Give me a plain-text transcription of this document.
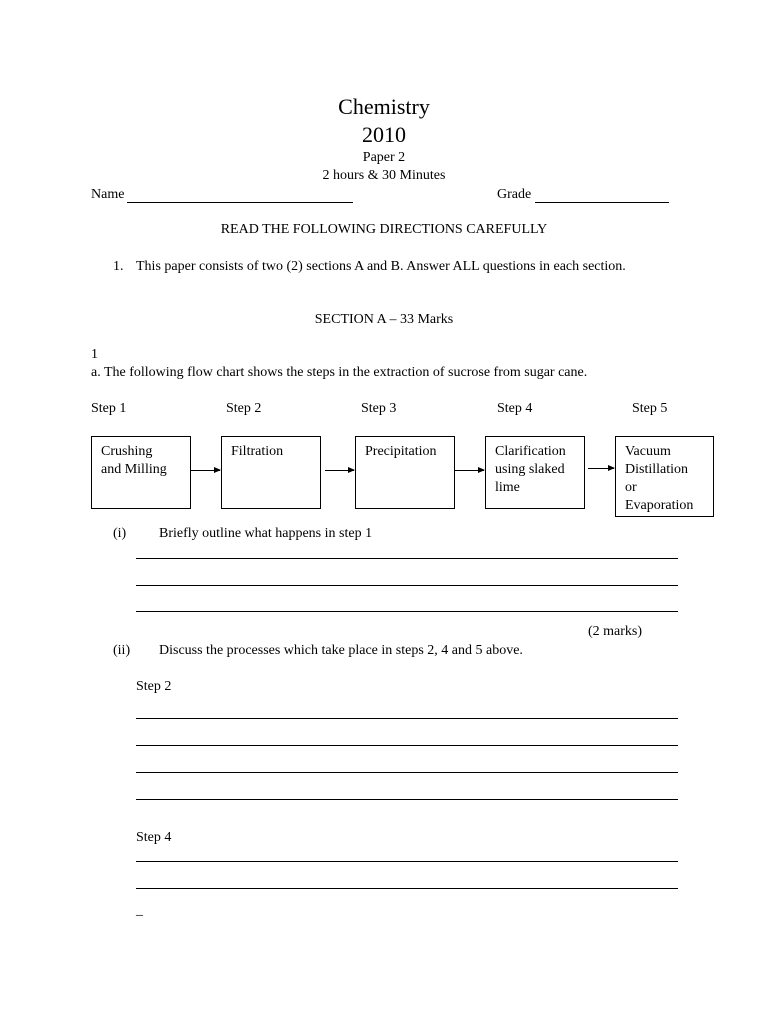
Chemistry
2010
Paper 2
2 hours & 30 Minutes
Name	Grade
READ THE FOLLOWING DIRECTIONS CAREFULLY
1. This paper consists of two (2) sections A and B. Answer ALL questions in each section.
SECTION A – 33 Marks
1
a. The following flow chart shows the steps in the extraction of sucrose from sugar cane.
Step 1	Step 2	Step 3	Step 4	Step 5
Crushing
and Milling
Filtration	Precipitation	Clarification
using slaked
lime
Vacuum
Distillation
or
Evaporation
(i) Briefly outline what happens in step 1
(2 marks)
(ii) Discuss the processes which take place in steps 2, 4 and 5 above.
Step 2
Step 4
_
